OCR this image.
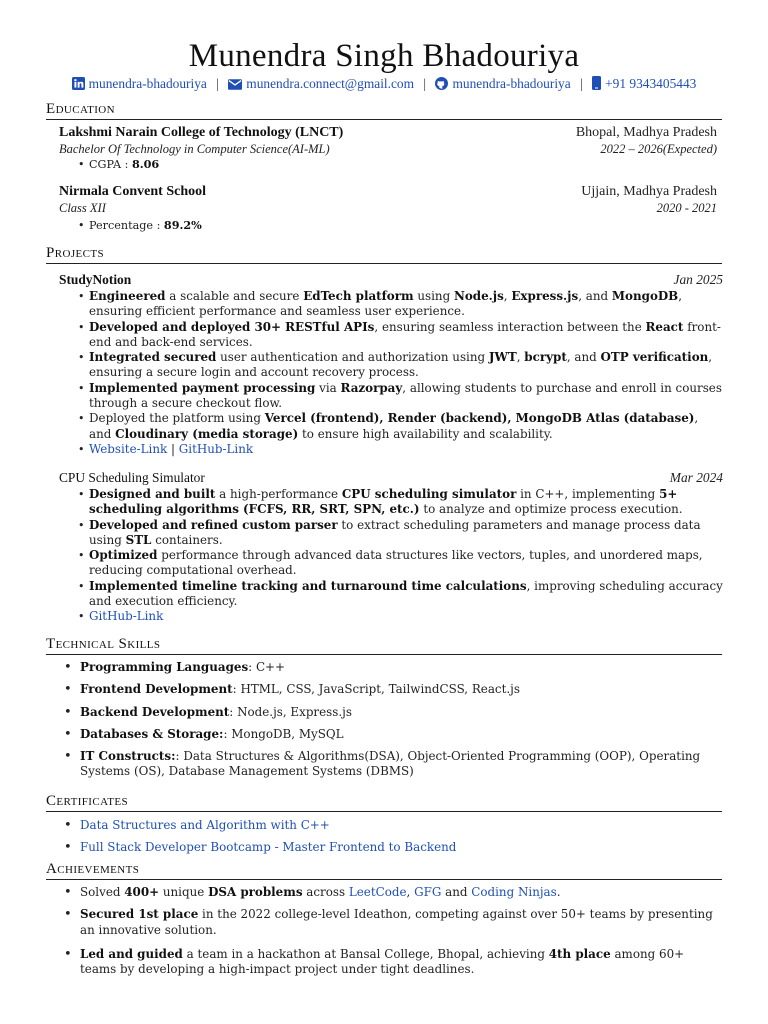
Munendra Singh Bhadouriya
munendra-bhadouriya | munendra.connect@gmail.com | munendra-bhadouriya | +91 9343405443
Education
Lakshmi Narain College of Technology (LNCT)	Bhopal, Madhya Pradesh
Bachelor Of Technology in Computer Science(AI-ML)	2022 – 2026(Expected)
• CGPA : 8.06
Nirmala Convent School	Ujjain, Madhya Pradesh
Class XII	2020 - 2021
• Percentage : 89.2%
Projects
StudyNotion	Jan 2025
• Engineered a scalable and secure EdTech platform using Node.js, Express.js, and MongoDB, ensuring efficient performance and seamless user experience.
• Developed and deployed 30+ RESTful APIs, ensuring seamless interaction between the React front-end and back-end services.
• Integrated secured user authentication and authorization using JWT, bcrypt, and OTP verification, ensuring a secure login and account recovery process.
• Implemented payment processing via Razorpay, allowing students to purchase and enroll in courses through a secure checkout flow.
• Deployed the platform using Vercel (frontend), Render (backend), MongoDB Atlas (database), and Cloudinary (media storage) to ensure high availability and scalability.
• Website-Link | GitHub-Link
CPU Scheduling Simulator	Mar 2024
• Designed and built a high-performance CPU scheduling simulator in C++, implementing 5+ scheduling algorithms (FCFS, RR, SRT, SPN, etc.) to analyze and optimize process execution.
• Developed and refined custom parser to extract scheduling parameters and manage process data using STL containers.
• Optimized performance through advanced data structures like vectors, tuples, and unordered maps, reducing computational overhead.
• Implemented timeline tracking and turnaround time calculations, improving scheduling accuracy and execution efficiency.
• GitHub-Link
Technical Skills
• Programming Languages: C++
• Frontend Development: HTML, CSS, JavaScript, TailwindCSS, React.js
• Backend Development: Node.js, Express.js
• Databases & Storage:: MongoDB, MySQL
• IT Constructs:: Data Structures & Algorithms(DSA), Object-Oriented Programming (OOP), Operating Systems (OS), Database Management Systems (DBMS)
Certificates
• Data Structures and Algorithm with C++
• Full Stack Developer Bootcamp - Master Frontend to Backend
Achievements
• Solved 400+ unique DSA problems across LeetCode, GFG and Coding Ninjas.
• Secured 1st place in the 2022 college-level Ideathon, competing against over 50+ teams by presenting an innovative solution.
• Led and guided a team in a hackathon at Bansal College, Bhopal, achieving 4th place among 60+ teams by developing a high-impact project under tight deadlines.
